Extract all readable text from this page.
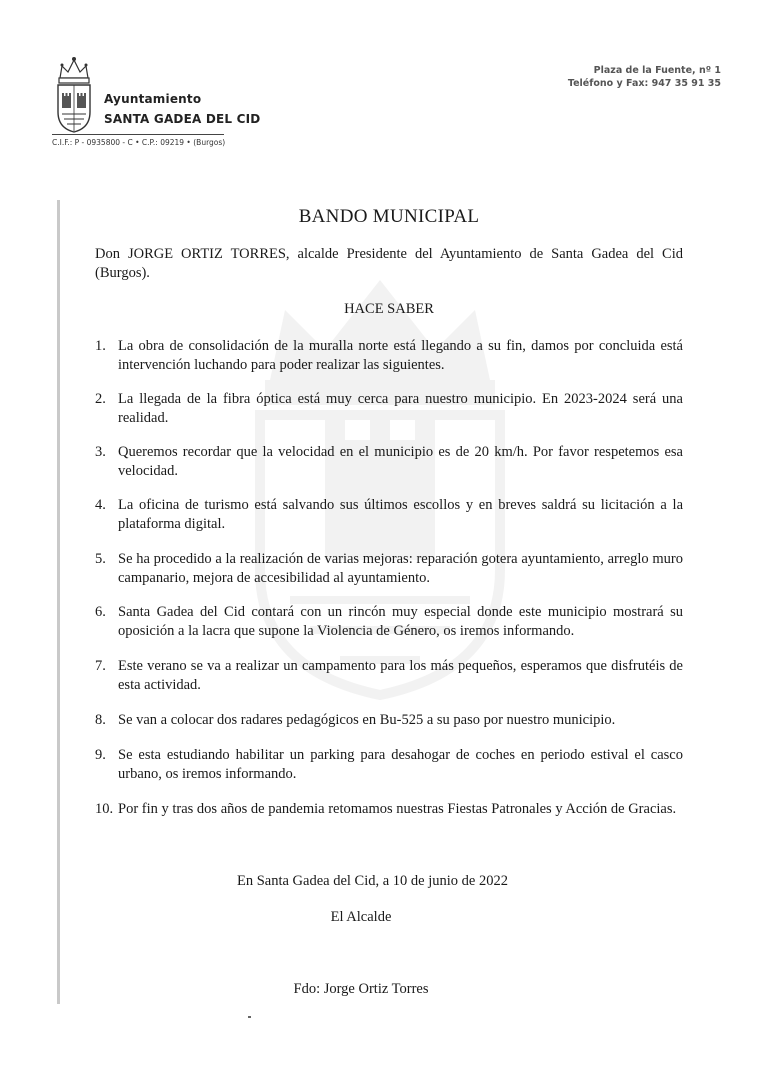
Ayuntamiento
SANTA GADEA DEL CID
C.I.F.: P - 0935800 - C • C.P.: 09219 • (Burgos)
Plaza de la Fuente, nº 1
Teléfono y Fax: 947 35 91 35
BANDO MUNICIPAL
Don JORGE ORTIZ TORRES, alcalde Presidente del Ayuntamiento de Santa Gadea del Cid (Burgos).
HACE SABER
1. La obra de consolidación de la muralla norte está llegando a su fin, damos por concluida está intervención luchando para poder realizar las siguientes.
2. La llegada de la fibra óptica está muy cerca para nuestro municipio. En 2023-2024 será una realidad.
3. Queremos recordar que la velocidad en el municipio es de 20 km/h. Por favor respetemos esa velocidad.
4. La oficina de turismo está salvando sus últimos escollos y en breves saldrá su licitación a la plataforma digital.
5. Se ha procedido a la realización de varias mejoras: reparación gotera ayuntamiento, arreglo muro campanario, mejora de accesibilidad al ayuntamiento.
6. Santa Gadea del Cid contará con un rincón muy especial donde este municipio mostrará su oposición a la lacra que supone la Violencia de Género, os iremos informando.
7. Este verano se va a realizar un campamento para los más pequeños, esperamos que disfrutéis de esta actividad.
8. Se van a colocar dos radares pedagógicos en Bu-525 a su paso por nuestro municipio.
9. Se esta estudiando habilitar un parking para desahogar de coches en periodo estival el casco urbano, os iremos informando.
10. Por fin y tras dos años de pandemia retomamos nuestras Fiestas Patronales y Acción de Gracias.
En Santa Gadea del Cid, a 10 de junio de 2022
El Alcalde
Fdo: Jorge Ortiz Torres
